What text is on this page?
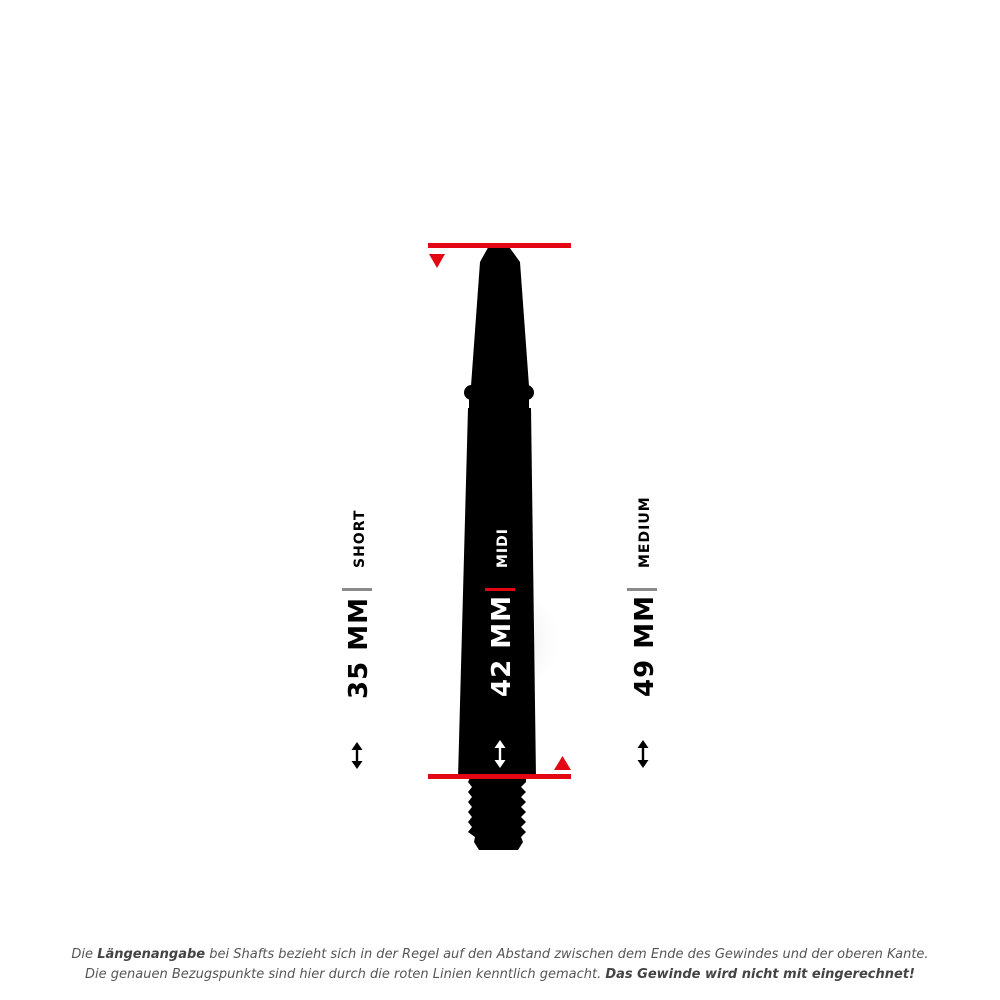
SHORT
35 MM
MIDI
42 MM
MEDIUM
49 MM
Die Längenangabe bei Shafts bezieht sich in der Regel auf den Abstand zwischen dem Ende des Gewindes und der oberen Kante.
Die genauen Bezugspunkte sind hier durch die roten Linien kenntlich gemacht. Das Gewinde wird nicht mit eingerechnet!
